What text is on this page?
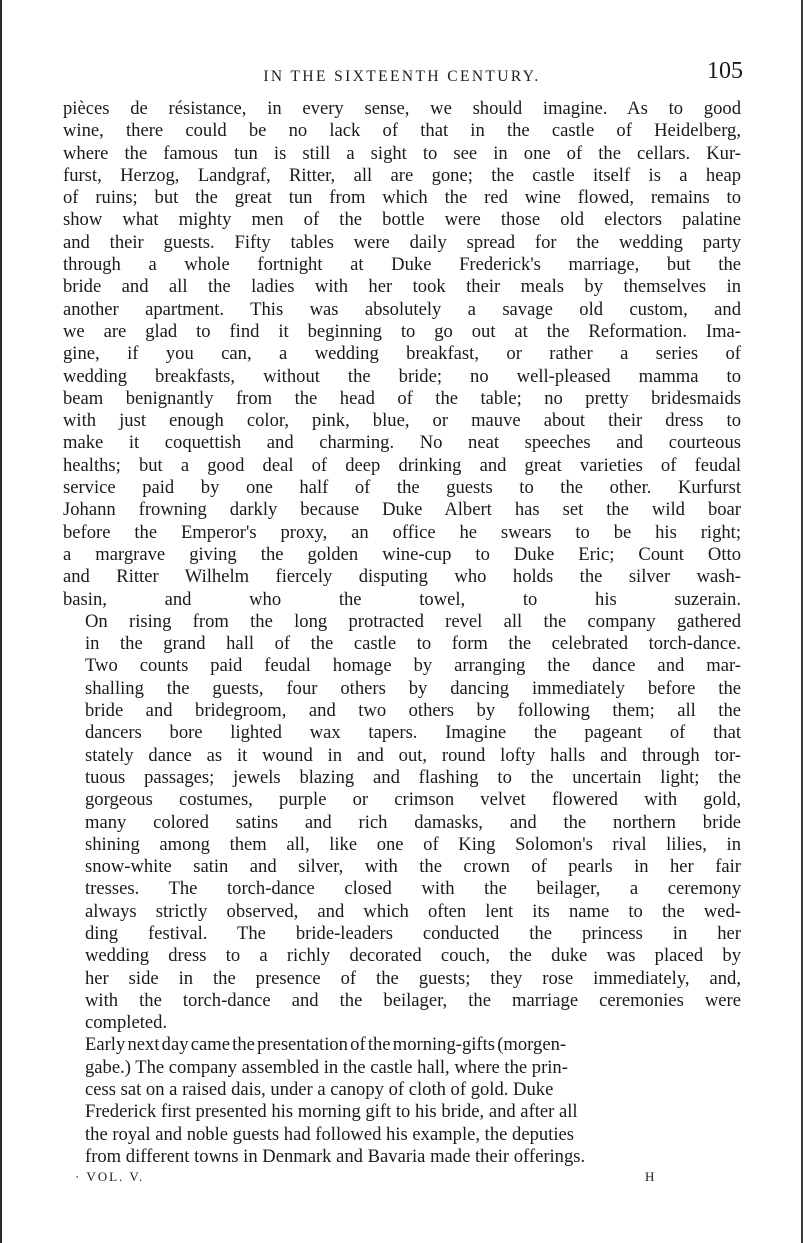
IN THE SIXTEENTH CENTURY.	105

pièces de résistance, in every sense, we should imagine. As to good
wine, there could be no lack of that in the castle of Heidelberg,
where the famous tun is still a sight to see in one of the cellars. Kur-
furst, Herzog, Landgraf, Ritter, all are gone; the castle itself is a heap
of ruins; but the great tun from which the red wine flowed, remains to
show what mighty men of the bottle were those old electors palatine
and their guests. Fifty tables were daily spread for the wedding party
through a whole fortnight at Duke Frederick's marriage, but the
bride and all the ladies with her took their meals by themselves in
another apartment. This was absolutely a savage old custom, and
we are glad to find it beginning to go out at the Reformation. Ima-
gine, if you can, a wedding breakfast, or rather a series of
wedding breakfasts, without the bride; no well-pleased mamma to
beam benignantly from the head of the table; no pretty bridesmaids
with just enough color, pink, blue, or mauve about their dress to
make it coquettish and charming. No neat speeches and courteous
healths; but a good deal of deep drinking and great varieties of feudal
service paid by one half of the guests to the other. Kurfurst
Johann frowning darkly because Duke Albert has set the wild boar
before the Emperor's proxy, an office he swears to be his right;
a margrave giving the golden wine-cup to Duke Eric; Count Otto
and Ritter Wilhelm fiercely disputing who holds the silver wash-
basin, and who the towel, to his suzerain.

On rising from the long protracted revel all the company gathered
in the grand hall of the castle to form the celebrated torch-dance.
Two counts paid feudal homage by arranging the dance and mar-
shalling the guests, four others by dancing immediately before the
bride and bridegroom, and two others by following them; all the
dancers bore lighted wax tapers. Imagine the pageant of that
stately dance as it wound in and out, round lofty halls and through tor-
tuous passages; jewels blazing and flashing to the uncertain light; the
gorgeous costumes, purple or crimson velvet flowered with gold,
many colored satins and rich damasks, and the northern bride
shining among them all, like one of King Solomon's rival lilies, in
snow-white satin and silver, with the crown of pearls in her fair
tresses. The torch-dance closed with the beilager, a ceremony
always strictly observed, and which often lent its name to the wed-
ding festival. The bride-leaders conducted the princess in her
wedding dress to a richly decorated couch, the duke was placed by
her side in the presence of the guests; they rose immediately, and,
with the torch-dance and the beilager, the marriage ceremonies were
completed.

Early next day came the presentation of the morning-gifts (morgen-
gabe.) The company assembled in the castle hall, where the prin-
cess sat on a raised dais, under a canopy of cloth of gold. Duke
Frederick first presented his morning gift to his bride, and after all
the royal and noble guests had followed his example, the deputies
from different towns in Denmark and Bavaria made their offerings.

· VOL. V.	H
